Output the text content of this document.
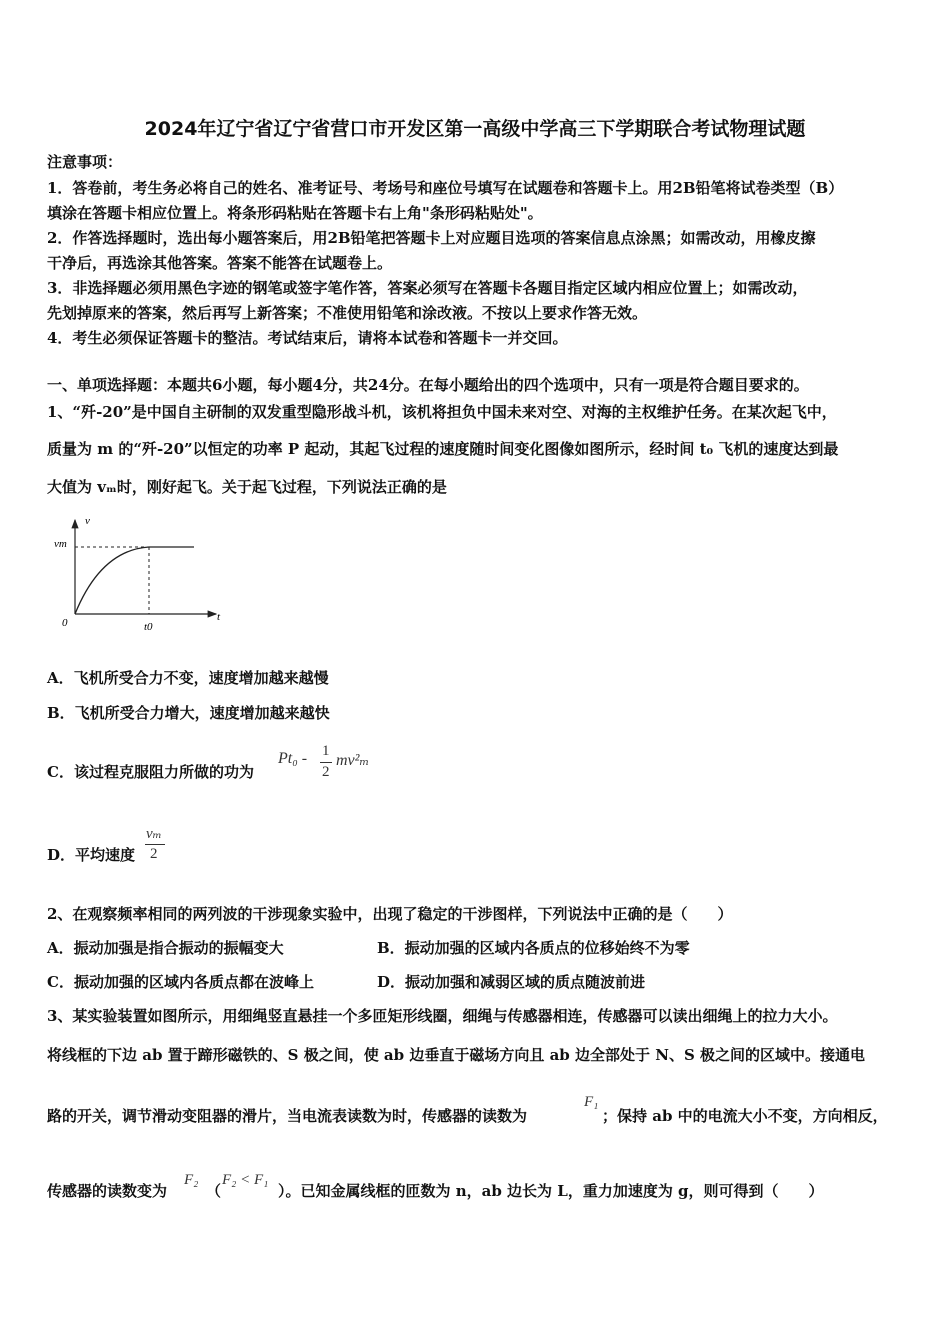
2024年辽宁省辽宁省营口市开发区第一高级中学高三下学期联合考试物理试题
注意事项：
1．答卷前，考生务必将自己的姓名、准考证号、考场号和座位号填写在试题卷和答题卡上。用2B铅笔将试卷类型（B）
填涂在答题卡相应位置上。将条形码粘贴在答题卡右上角"条形码粘贴处"。
2．作答选择题时，选出每小题答案后，用2B铅笔把答题卡上对应题目选项的答案信息点涂黑；如需改动，用橡皮擦
干净后，再选涂其他答案。答案不能答在试题卷上。
3．非选择题必须用黑色字迹的钢笔或签字笔作答，答案必须写在答题卡各题目指定区域内相应位置上；如需改动，
先划掉原来的答案，然后再写上新答案；不准使用铅笔和涂改液。不按以上要求作答无效。
4．考生必须保证答题卡的整洁。考试结束后，请将本试卷和答题卡一并交回。
一、单项选择题：本题共6小题，每小题4分，共24分。在每小题给出的四个选项中，只有一项是符合题目要求的。
1、“歼-20”是中国自主研制的双发重型隐形战斗机，该机将担负中国未来对空、对海的主权维护任务。在某次起飞中，
质量为 m 的“歼-20”以恒定的功率 P 起动，其起飞过程的速度随时间变化图像如图所示，经时间 t₀ 飞机的速度达到最
大值为 vₘ时，刚好起飞。关于起飞过程，下列说法正确的是
v
t
vm
t0
0
A．飞机所受合力不变，速度增加越来越慢
B．飞机所受合力增大，速度增加越来越快
C．该过程克服阻力所做的功为
Pt₀ - 1
2
mv²ₘ
D．平均速度
vₘ
2
2、在观察频率相同的两列波的干涉现象实验中，出现了稳定的干涉图样，下列说法中正确的是（　　）
A．振动加强是指合振动的振幅变大	B．振动加强的区域内各质点的位移始终不为零
C．振动加强的区域内各质点都在波峰上	D．振动加强和减弱区域的质点随波前进
3、某实验装置如图所示，用细绳竖直悬挂一个多匝矩形线圈，细绳与传感器相连，传感器可以读出细绳上的拉力大小。
将线框的下边 ab 置于蹄形磁铁的、S 极之间，使 ab 边垂直于磁场方向且 ab 边全部处于 N、S 极之间的区域中。接通电
路的开关，调节滑动变阻器的滑片，当电流表读数为时，传感器的读数为
F₁
；保持 ab 中的电流大小不变，方向相反，
传感器的读数变为
F₂
（
F₂ < F₁
）。已知金属线框的匝数为 n，ab 边长为 L，重力加速度为 g，则可得到（　　）
